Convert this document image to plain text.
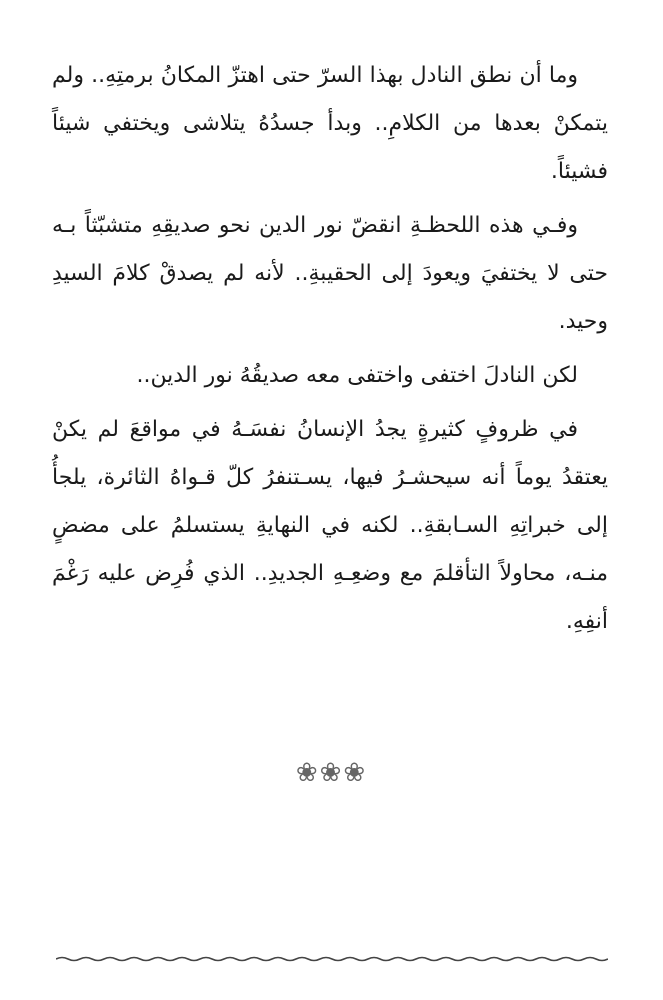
وما أن نطق النادل بهذا السرّ حتى اهتزّ المكانُ برمتِهِ.. ولم يتمكنْ بعدها من الكلامِ.. وبدأ جسدُهُ يتلاشى ويختفي شيئاً فشيئاً.

وفـي هذه اللحظـةِ انقضّ نور الدين نحو صديقِهِ متشبّثاً بـه حتى لا يختفيَ ويعودَ إلى الحقيبةِ.. لأنه لم يصدقْ كلامَ السيدِ وحيد.

لكن النادلَ اختفى واختفى معه صديقُهُ نور الدين..

في ظروفٍ كثيرةٍ يجدُ الإنسانُ نفسَـهُ في مواقعَ لم يكنْ يعتقدُ يوماً أنه سيحشـرُ فيها، يسـتنفرُ كلّ قـواهُ الثائرة، يلجأُ إلى خبراتِهِ السـابقةِ.. لكنه في النهايةِ يستسلمُ على مضضٍ منـه، محاولاً التأقلمَ مع وضعِـهِ الجديدِ.. الذي فُرِض عليه رَغْمَ أنفِهِ.

❀❀❀
